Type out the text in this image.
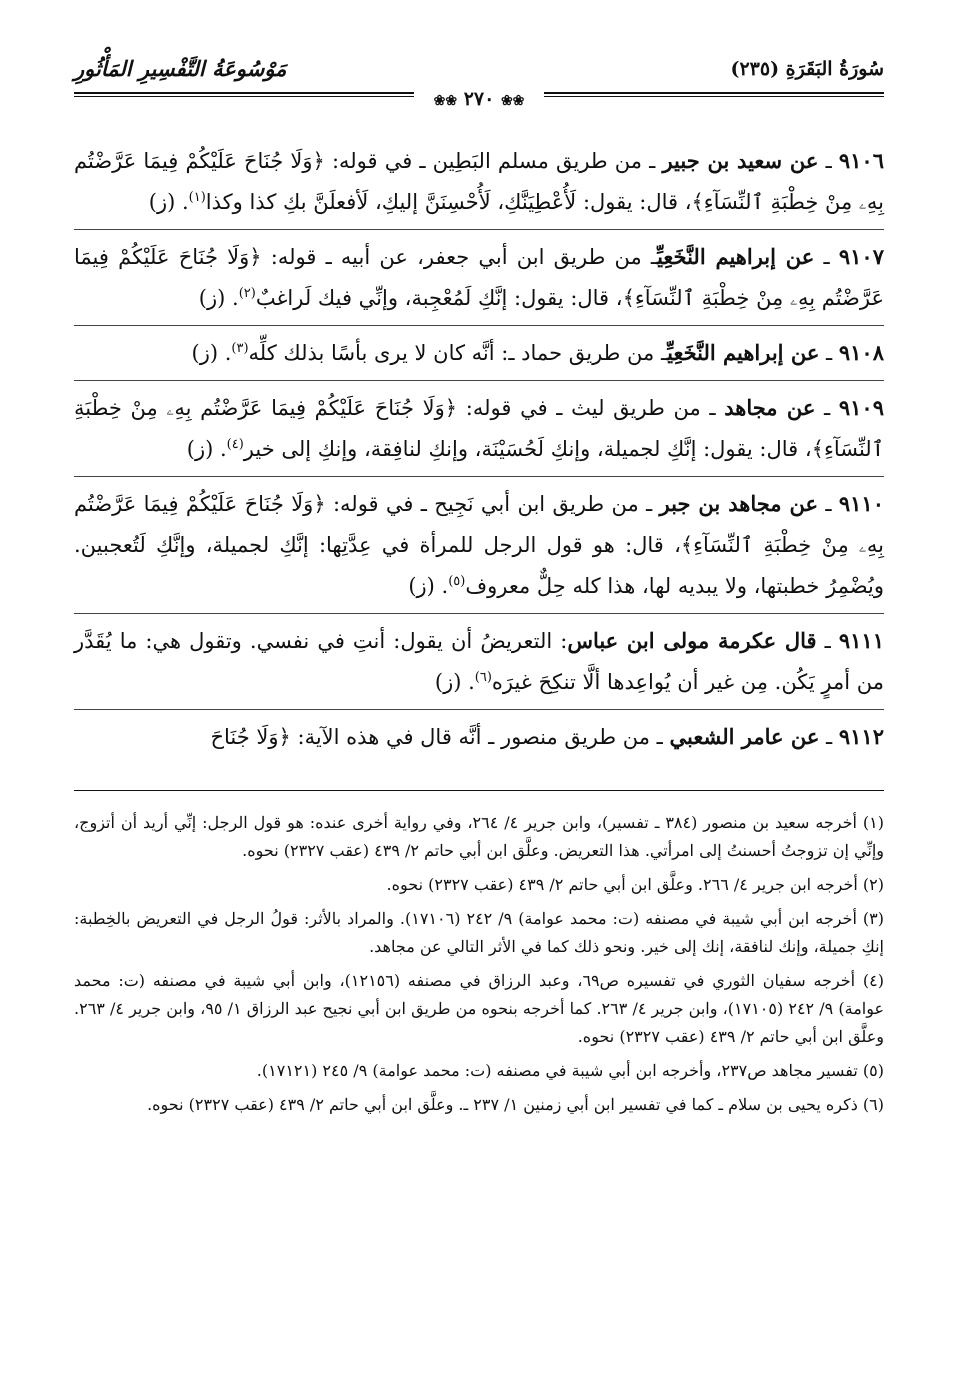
سُورَةُ البَقَرَةِ (٢٣٥)
مَوْسُوعَةُ التَّفْسِيرِ المَأْثُورِ
❀❀ ٢٧٠ ❀❀
٩١٠٦ ـ عن سعيد بن جبير ـ من طريق مسلم البَطِين ـ في قوله: ﴿وَلَا جُنَاحَ عَلَيْكُمْ فِيمَا عَرَّضْتُم بِهِۦ مِنْ خِطْبَةِ ٱلنِّسَآءِ﴾، قال: يقول: لَأُعْطِيَنَّكِ، لَأُحْسِنَنَّ إليكِ، لَأفعلَنَّ بكِ كذا وكذا$^{(١)}$. (ز)
٩١٠٧ ـ عن إبراهيم النَّخَعِيِّـ من طريق ابن أبي جعفر، عن أبيه ـ قوله: ﴿وَلَا جُنَاحَ عَلَيْكُمْ فِيمَا عَرَّضْتُم بِهِۦ مِنْ خِطْبَةِ ٱلنِّسَآءِ﴾، قال: يقول: إنَّكِ لَمُعْجِبة، وإنِّي فيك لَراغبٌ$^{(٢)}$. (ز)
٩١٠٨ ـ عن إبراهيم النَّخَعِيِّـ من طريق حماد ـ: أنَّه كان لا يرى بأسًا بذلك كلِّه$^{(٣)}$. (ز)
٩١٠٩ ـ عن مجاهد ـ من طريق ليث ـ في قوله: ﴿وَلَا جُنَاحَ عَلَيْكُمْ فِيمَا عَرَّضْتُم بِهِۦ مِنْ خِطْبَةِ ٱلنِّسَآءِ﴾، قال: يقول: إنَّكِ لجميلة، وإنكِ لَحُسَيْنَة، وإنكِ لنافِقة، وإنكِ إلى خير$^{(٤)}$. (ز)
٩١١٠ ـ عن مجاهد بن جبر ـ من طريق ابن أبي نَجِيح ـ في قوله: ﴿وَلَا جُنَاحَ عَلَيْكُمْ فِيمَا عَرَّضْتُم بِهِۦ مِنْ خِطْبَةِ ٱلنِّسَآءِ﴾، قال: هو قول الرجل للمرأة في عِدَّتِها: إنَّكِ لجميلة، وإنَّكِ لَتُعجبين. ويُضْمِرُ خطبتها، ولا يبديه لها، هذا كله حِلٌّ معروف$^{(٥)}$. (ز)
٩١١١ ـ قال عكرمة مولى ابن عباس: التعريضُ أن يقول: أنتِ في نفسي. وتقول هي: ما يُقَدَّر من أمرٍ يَكُن. مِن غير أن يُواعِدها ألَّا تنكِحَ غيرَه$^{(٦)}$. (ز)
٩١١٢ ـ عن عامر الشعبي ـ من طريق منصور ـ أنَّه قال في هذه الآية: ﴿وَلَا جُنَاحَ
(١) أخرجه سعيد بن منصور (٣٨٤ ـ تفسير)، وابن جرير ٤/ ٢٦٤، وفي رواية أخرى عنده: هو قول الرجل: إنِّي أريد أن أتزوج، وإنِّي إن تزوجتُ أحسنتُ إلى امرأتي. هذا التعريض. وعلَّق ابن أبي حاتم ٢/ ٤٣٩ (عقب ٢٣٢٧) نحوه.
(٢) أخرجه ابن جرير ٤/ ٢٦٦. وعلَّق ابن أبي حاتم ٢/ ٤٣٩ (عقب ٢٣٢٧) نحوه.
(٣) أخرجه ابن أبي شيبة في مصنفه (ت: محمد عوامة) ٩/ ٢٤٢ (١٧١٠٦). والمراد بالأثر: قولُ الرجل في التعريض بالخِطبة: إنكِ جميلة، وإنك لنافقة، إنك إلى خير. ونحو ذلك كما في الأثر التالي عن مجاهد.
(٤) أخرجه سفيان الثوري في تفسيره ص٦٩، وعبد الرزاق في مصنفه (١٢١٥٦)، وابن أبي شيبة في مصنفه (ت: محمد عوامة) ٩/ ٢٤٢ (١٧١٠٥)، وابن جرير ٤/ ٢٦٣. كما أخرجه بنحوه من طريق ابن أبي نجيح عبد الرزاق ١/ ٩٥، وابن جرير ٤/ ٢٦٣. وعلَّق ابن أبي حاتم ٢/ ٤٣٩ (عقب ٢٣٢٧) نحوه.
(٥) تفسير مجاهد ص٢٣٧، وأخرجه ابن أبي شيبة في مصنفه (ت: محمد عوامة) ٩/ ٢٤٥ (١٧١٢١).
(٦) ذكره يحيى بن سلام ـ كما في تفسير ابن أبي زمنين ١/ ٢٣٧ ـ. وعلَّق ابن أبي حاتم ٢/ ٤٣٩ (عقب ٢٣٢٧) نحوه.
